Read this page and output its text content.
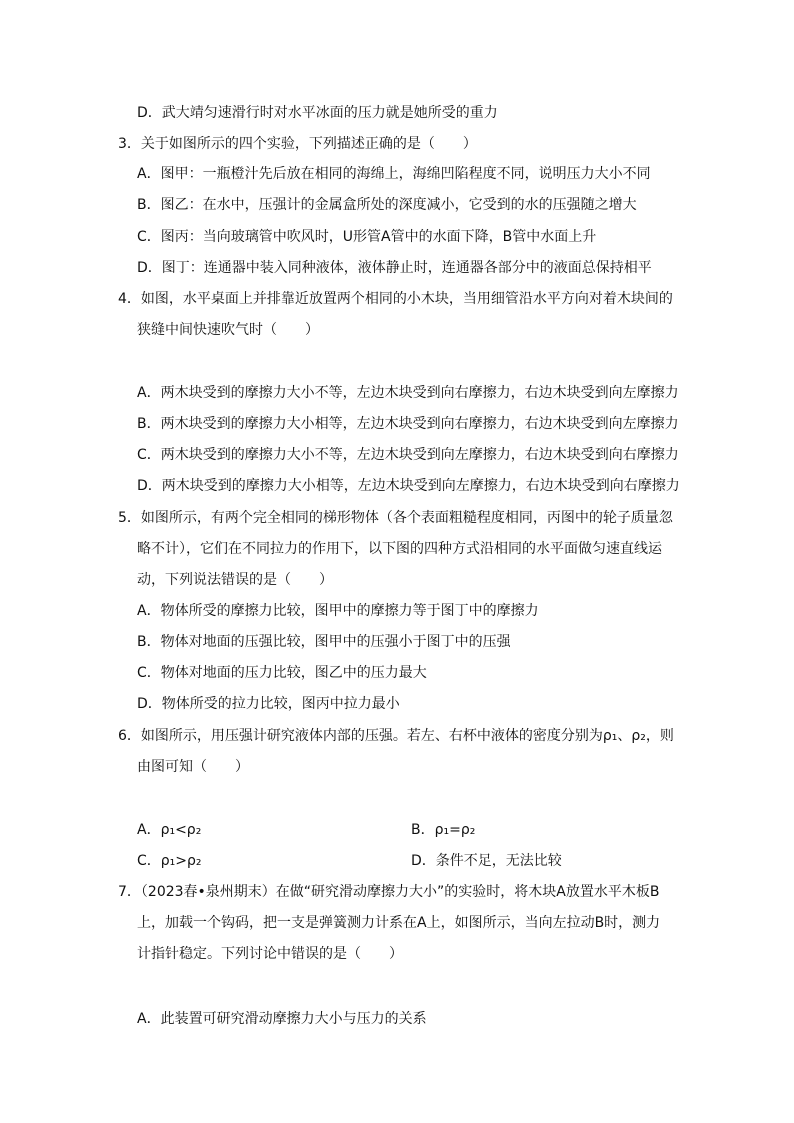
D．武大靖匀速滑行时对水平冰面的压力就是她所受的重力
3．关于如图所示的四个实验，下列描述正确的是（　　）
A．图甲：一瓶橙汁先后放在相同的海绵上，海绵凹陷程度不同，说明压力大小不同
B．图乙：在水中，压强计的金属盒所处的深度减小，它受到的水的压强随之增大
C．图丙：当向玻璃管中吹风时，U形管A管中的水面下降，B管中水面上升
D．图丁：连通器中装入同种液体，液体静止时，连通器各部分中的液面总保持相平
4．如图，水平桌面上并排靠近放置两个相同的小木块，当用细管沿水平方向对着木块间的
狭缝中间快速吹气时（　　）
A．两木块受到的摩擦力大小不等，左边木块受到向右摩擦力，右边木块受到向左摩擦力
B．两木块受到的摩擦力大小相等，左边木块受到向右摩擦力，右边木块受到向左摩擦力
C．两木块受到的摩擦力大小不等，左边木块受到向左摩擦力，右边木块受到向右摩擦力
D．两木块受到的摩擦力大小相等，左边木块受到向左摩擦力，右边木块受到向右摩擦力
5．如图所示，有两个完全相同的梯形物体（各个表面粗糙程度相同，丙图中的轮子质量忽
略不计），它们在不同拉力的作用下，以下图的四种方式沿相同的水平面做匀速直线运
动，下列说法错误的是（　　）
A．物体所受的摩擦力比较，图甲中的摩擦力等于图丁中的摩擦力
B．物体对地面的压强比较，图甲中的压强小于图丁中的压强
C．物体对地面的压力比较，图乙中的压力最大
D．物体所受的拉力比较，图丙中拉力最小
6．如图所示，用压强计研究液体内部的压强。若左、右杯中液体的密度分别为ρ₁、ρ₂，则
由图可知（　　）
A．ρ₁<ρ₂	B．ρ₁=ρ₂
C．ρ₁>ρ₂	D．条件不足，无法比较
7．（2023春•泉州期末）在做“研究滑动摩擦力大小”的实验时，将木块A放置水平木板B
上，加载一个钩码，把一支是弹簧测力计系在A上，如图所示，当向左拉动B时，测力
计指针稳定。下列讨论中错误的是（　　）
A．此装置可研究滑动摩擦力大小与压力的关系
